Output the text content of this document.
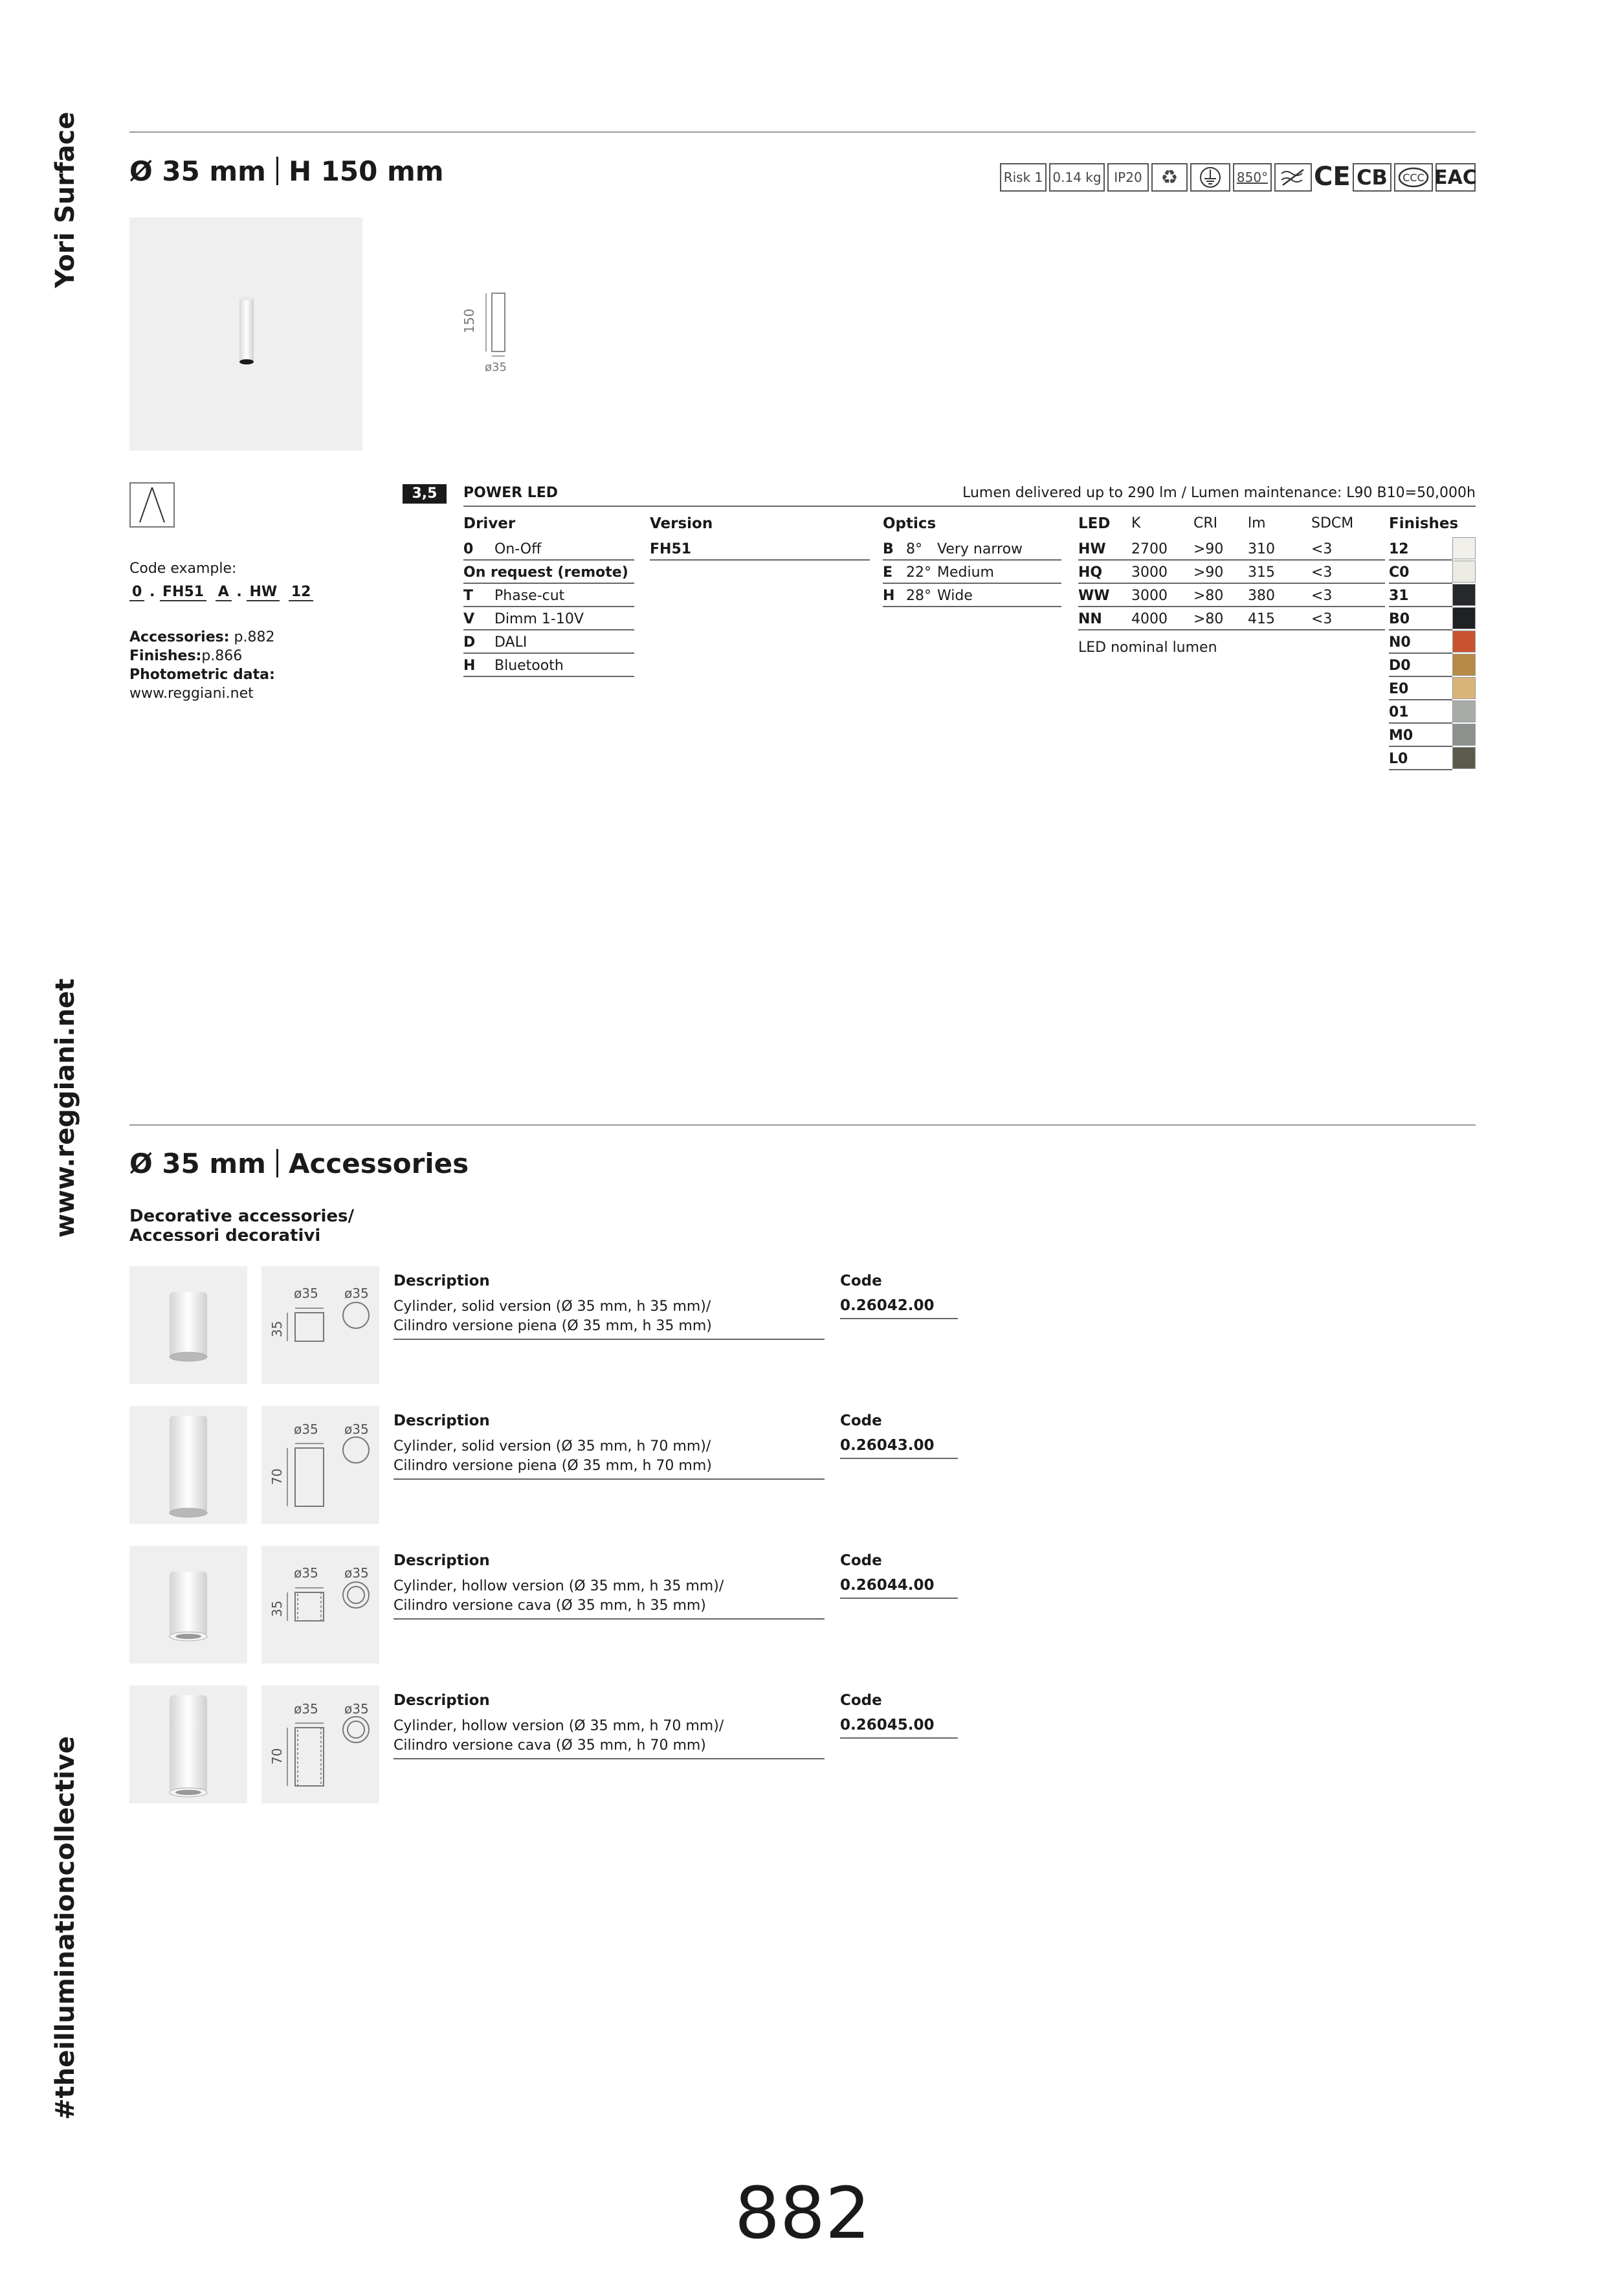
Yori Surface
www.reggiani.net
#theilluminationcollective
Ø 35 mm H 150 mm	Risk 1 0.14 kg IP20 ♻	850° CE CB CCC EAC
150
ø35
Code example:
0 . FH51 A . HW 12
Accessories: p.882
Finishes:p.866
Photometric data:
www.reggiani.net
3,5 W
POWER LED	Lumen delivered up to 290 lm / Lumen maintenance: L90 B10=50,000h
Driver
0 On-Off
On request (remote)
T Phase-cut
V Dimm 1-10V
D DALI
H Bluetooth
Version
FH51
Optics
B 8° Very narrow
E 22° Medium
H 28° Wide
LED K	CRI lm	SDCM
HW 2700 >90 310	<3
HQ 3000 >90 315	<3
WW 3000 >80 380	<3
NN 4000 >80 415	<3
LED nominal lumen
Finishes
12
C0
31
B0
N0
D0
E0
01
M0
L0
Ø 35 mm Accessories
Decorative accessories/
Accessori decorativi
ø35 ø35
35
Description
Cylinder, solid version (Ø 35 mm, h 35 mm)/
Cilindro versione piena (Ø 35 mm, h 35 mm)
Code
0.26042.00
ø35 ø35
70
Description
Cylinder, solid version (Ø 35 mm, h 70 mm)/
Cilindro versione piena (Ø 35 mm, h 70 mm)
Code
0.26043.00
ø35 ø35
35
Description
Cylinder, hollow version (Ø 35 mm, h 35 mm)/
Cilindro versione cava (Ø 35 mm, h 35 mm)
Code
0.26044.00
ø35 ø35
70
Description
Cylinder, hollow version (Ø 35 mm, h 70 mm)/
Cilindro versione cava (Ø 35 mm, h 70 mm)
Code
0.26045.00
882
